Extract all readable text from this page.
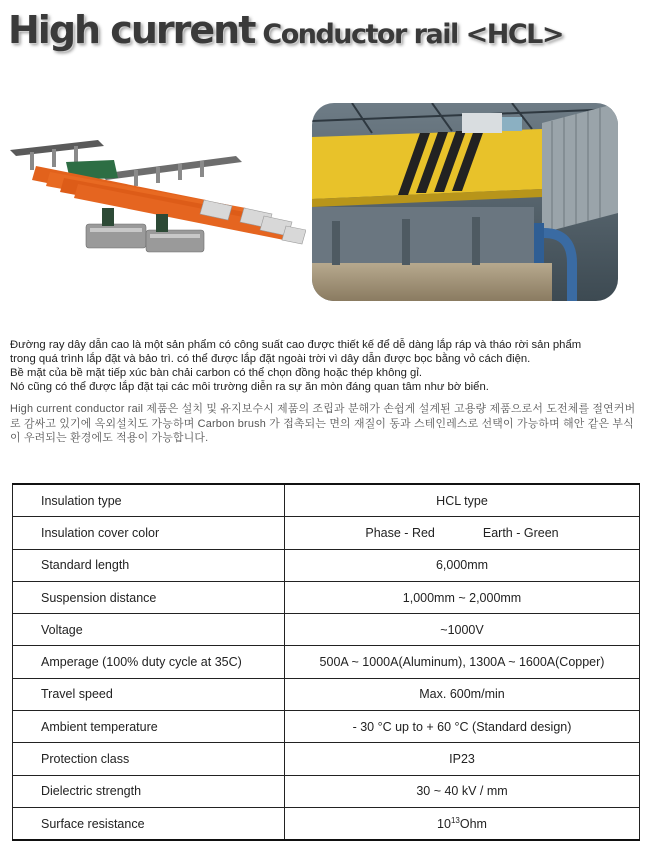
High current Conductor rail <HCL>
Đường ray dây dẫn cao là một sản phẩm có công suất cao được thiết kế để dễ dàng lắp ráp và tháo rời sản phẩm
trong quá trình lắp đặt và bảo trì. có thể được lắp đặt ngoài trời vì dây dẫn được bọc bằng vỏ cách điện.
Bề mặt của bề mặt tiếp xúc bàn chải carbon có thể chọn đồng hoặc thép không gỉ.
Nó cũng có thể được lắp đặt tại các môi trường diễn ra sự ăn mòn đáng quan tâm như bờ biển.
High current conductor rail 제품은 설치 및 유지보수시 제품의 조립과 분해가 손쉽게 설계된 고용량 제품으로서 도전체를 절연커버로 감싸고 있기에 옥외설치도 가능하며 Carbon brush 가 접촉되는 면의 재질이 동과 스테인레스로 선택이 가능하며 해안 같은 부식이 우려되는 환경에도 적용이 가능합니다.
Insulation type	HCL type
Insulation cover color	Phase - Red Earth - Green
Standard length	6,000mm
Suspension distance	1,000mm ~ 2,000mm
Voltage	~1000V
Amperage (100% duty cycle at 35C)	500A ~ 1000A(Aluminum), 1300A ~ 1600A(Copper)
Travel speed	Max. 600m/min
Ambient temperature	- 30 °C up to + 60 °C (Standard design)
Protection class	IP23
Dielectric strength	30 ~ 40 kV / mm
Surface resistance	$10^{13}Ohm$
